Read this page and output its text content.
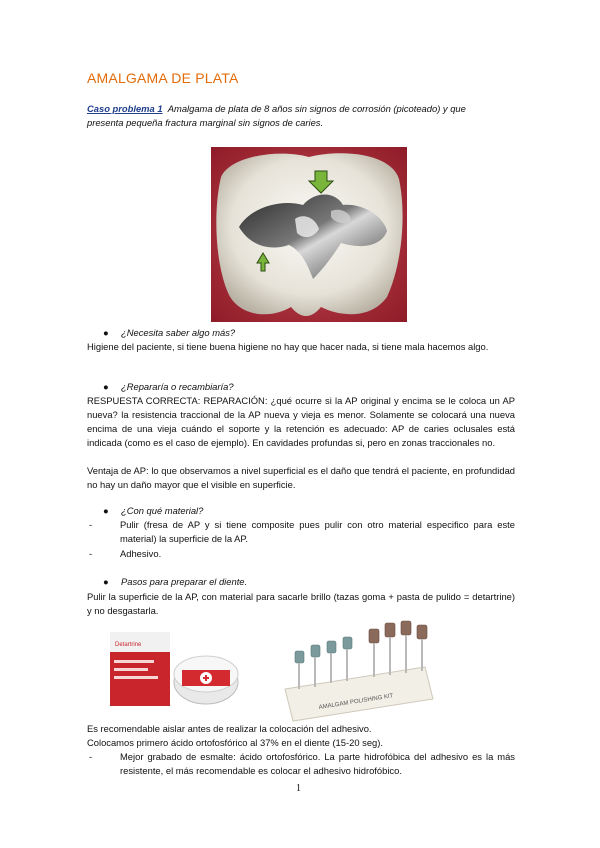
AMALGAMA DE PLATA
Caso problema 1 Amalgama de plata de 8 años sin signos de corrosión (picoteado) y que
presenta pequeña fractura marginal sin signos de caries.
● ¿Necesita saber algo más?
Higiene del paciente, si tiene buena higiene no hay que hacer nada, si tiene mala hacemos algo.
● ¿Repararía o recambiaría?
RESPUESTA CORRECTA: REPARACIÓN: ¿qué ocurre si la AP original y encima se le coloca un AP nueva? la resistencia traccional de la AP nueva y vieja es menor. Solamente se colocará una nueva encima de una vieja cuándo el soporte y la retención es adecuado: AP de caries oclusales está indicada (como es el caso de ejemplo). En cavidades profundas si, pero en zonas traccionales no.
Ventaja de AP: lo que observamos a nivel superficial es el daño que tendrá el paciente, en profundidad no hay un daño mayor que el visible en superficie.
● ¿Con qué material?
-	Pulir (fresa de AP y si tiene composite pues pulir con otro material especifico para este material) la superficie de la AP.
-	Adhesivo.
● Pasos para preparar el diente.
Pulir la superficie de la AP, con material para sacarle brillo (tazas goma + pasta de pulido = detartrine) y no desgastarla.
Detartrine
AMALGAM POLISHING KIT
Es recomendable aislar antes de realizar la colocación del adhesivo.
Colocamos primero ácido ortofosfórico al 37% en el diente (15-20 seg).
-	Mejor grabado de esmalte: ácido ortofosfórico. La parte hidrofóbica del adhesivo es la más resistente, el más recomendable es colocar el adhesivo hidrofóbico.
1
